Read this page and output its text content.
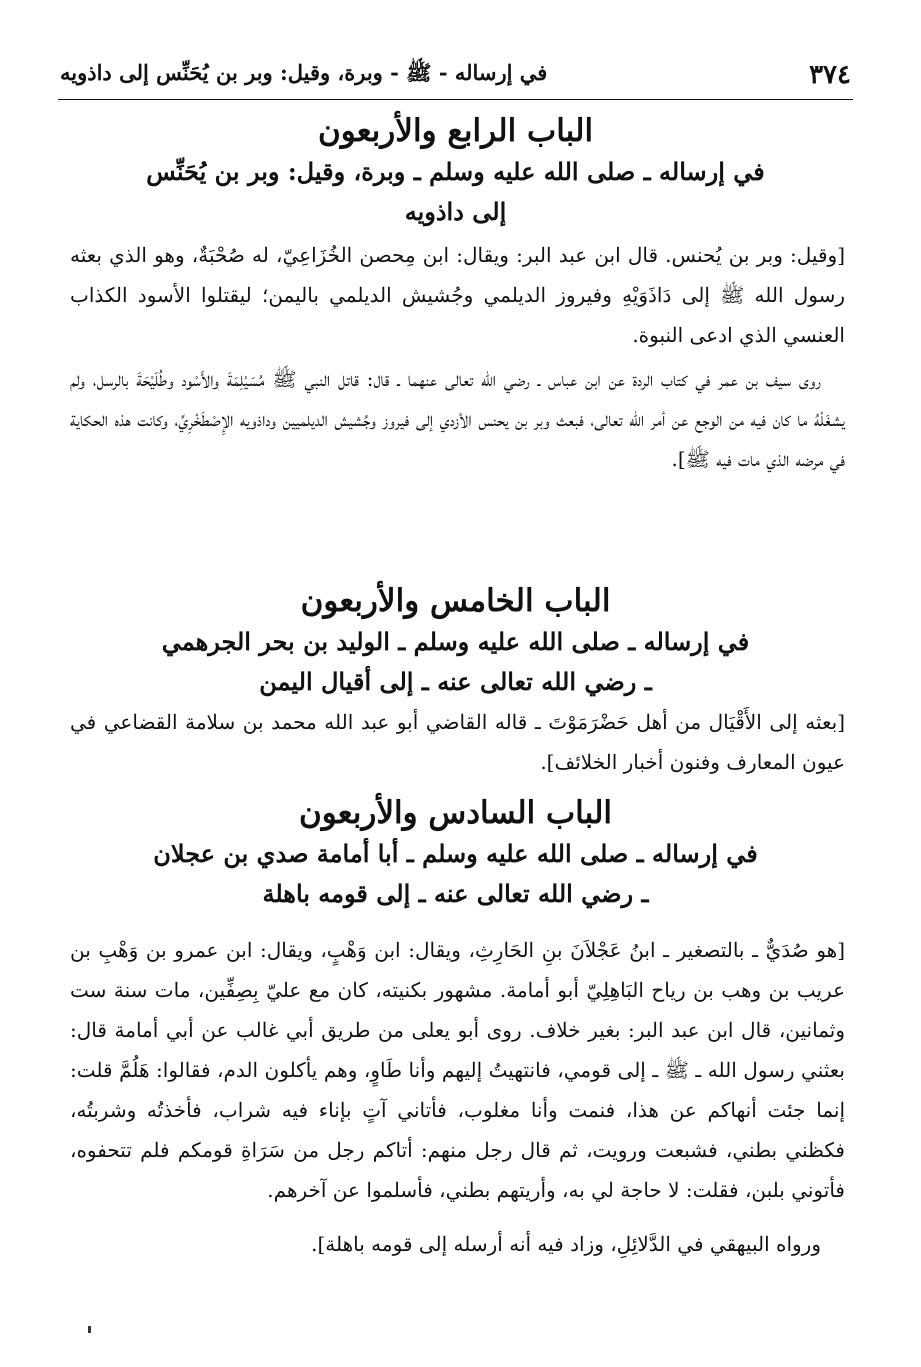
٣٧٤
في إرساله - ﷺ - وبرة، وقيل: وبر بن يُحَنِّس إلى داذويه
الباب الرابع والأربعون
في إرساله ـ صلى الله عليه وسلم ـ وبرة، وقيل: وبر بن يُحَنِّس
إلى داذويه

[وقيل: وبر بن يُحنس. قال ابن عبد البر: ويقال: ابن مِحصن الخُزَاعِيّ، له صُحْبَةٌ، وهو الذي بعثه رسول الله ﷺ إلى دَاذَوَيْهِ وفيروز الديلمي وجُشيش الديلمي باليمن؛ ليقتلوا الأسود الكذاب العنسي الذي ادعى النبوة.

روى سيف بن عمر في كتاب الردة عن ابن عباس ـ رضي الله تعالى عنهما ـ قال: قاتل النبي ﷺ مُسَيْلِمَةَ والأَسْود وطُلَيْحَةَ بالرسل، ولم يشغَلْهُ ما كان فيه من الوجع عن أمر الله تعالى، فبعث وبر بن يحنس الأزدي إلى فيروز وجُشيش الديلميين وداذويه الإِصْطَخْرِيِّ، وكانت هذه الحكاية في مرضه الذي مات فيه ﷺ].

الباب الخامس والأربعون
في إرساله ـ صلى الله عليه وسلم ـ الوليد بن بحر الجرهمي
ـ رضي الله تعالى عنه ـ إلى أقيال اليمن

[بعثه إلى الأَقْيَال من أهل حَضْرَمَوْتَ ـ قاله القاضي أبو عبد الله محمد بن سلامة القضاعي في عيون المعارف وفنون أخبار الخلائف].

الباب السادس والأربعون
في إرساله ـ صلى الله عليه وسلم ـ أبا أمامة صدي بن عجلان
ـ رضي الله تعالى عنه ـ إلى قومه باهلة

[هو صُدَيٌّ ـ بالتصغير ـ ابنُ عَجْلاَنَ بنِ الحَارِثِ، ويقال: ابن وَهْبٍ، ويقال: ابن عمرو بن وَهْبِ بن عريب بن وهب بن رياح البَاهِلِيّ أبو أمامة. مشهور بكنيته، كان مع عليّ بِصِفِّين، مات سنة ست وثمانين، قال ابن عبد البر: بغير خلاف. روى أبو يعلى من طريق أبي غالب عن أبي أمامة قال: بعثني رسول الله ـ ﷺ ـ إلى قومي، فانتهيتُ إليهم وأنا طَاوٍ، وهم يأكلون الدم، فقالوا: هَلُمَّ قلت: إنما جئت أنهاكم عن هذا، فنمت وأنا مغلوب، فأتاني آتٍ بإناء فيه شراب، فأخذتُه وشربتُه، فكظني بطني، فشبعت ورويت، ثم قال رجل منهم: أتاكم رجل من سَرَاةِ قومكم فلم تتحفوه، فأتوني بلبن، فقلت: لا حاجة لي به، وأريتهم بطني، فأسلموا عن آخرهم.

ورواه البيهقي في الدَّلائِلِ، وزاد فيه أنه أرسله إلى قومه باهلة].
